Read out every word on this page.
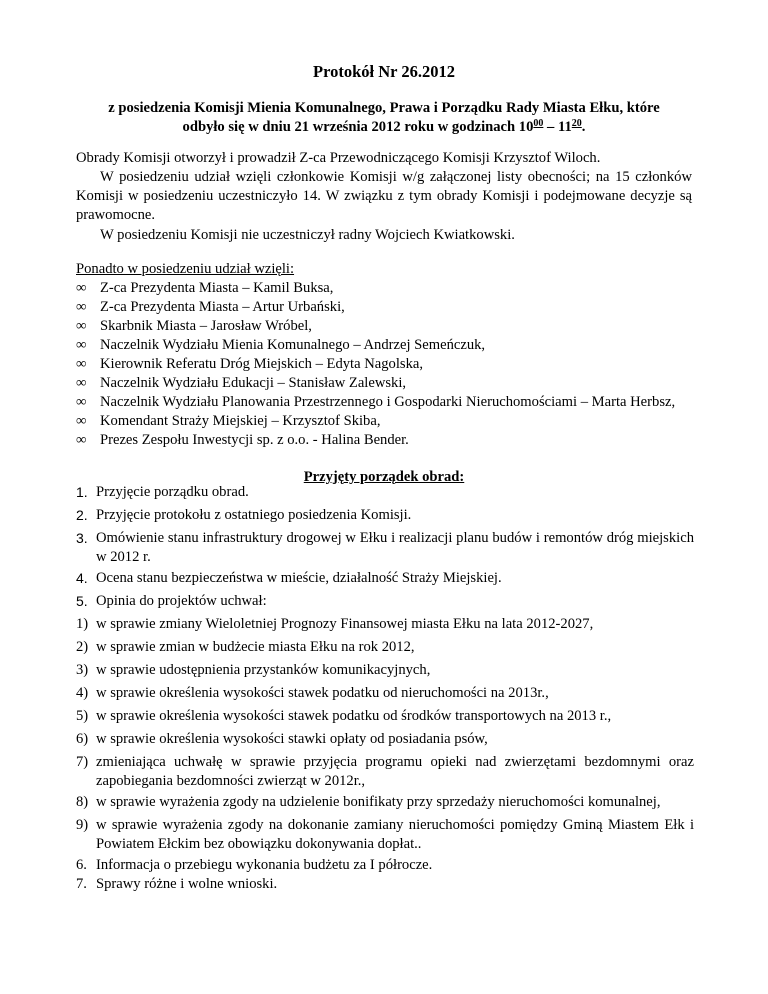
Protokół Nr 26.2012
z posiedzenia Komisji Mienia Komunalnego, Prawa i Porządku Rady Miasta Ełku, które
odbyło się w dniu 21 września 2012 roku w godzinach $10^{00} - 11^{20}$.
Obrady Komisji otworzył i prowadził Z-ca Przewodniczącego Komisji Krzysztof Wiloch.
W posiedzeniu udział wzięli członkowie Komisji w/g załączonej listy obecności; na 15 członków Komisji w posiedzeniu uczestniczyło 14. W związku z tym obrady Komisji i podejmowane decyzje są prawomocne.
W posiedzeniu Komisji nie uczestniczył radny Wojciech Kwiatkowski.
Ponadto w posiedzeniu udział wzięli:
∞ Z-ca Prezydenta Miasta – Kamil Buksa,
∞ Z-ca Prezydenta Miasta – Artur Urbański,
∞ Skarbnik Miasta – Jarosław Wróbel,
∞ Naczelnik Wydziału Mienia Komunalnego – Andrzej Semeńczuk,
∞ Kierownik Referatu Dróg Miejskich – Edyta Nagolska,
∞ Naczelnik Wydziału Edukacji – Stanisław Zalewski,
∞ Naczelnik Wydziału Planowania Przestrzennego i Gospodarki Nieruchomościami – Marta Herbsz,
∞ Komendant Straży Miejskiej – Krzysztof Skiba,
∞ Prezes Zespołu Inwestycji sp. z o.o. - Halina Bender.
Przyjęty porządek obrad:
1. Przyjęcie porządku obrad.
2. Przyjęcie protokołu z ostatniego posiedzenia Komisji.
3. Omówienie stanu infrastruktury drogowej w Ełku i realizacji planu budów i remontów dróg miejskich w 2012 r.
4. Ocena stanu bezpieczeństwa w mieście, działalność Straży Miejskiej.
5. Opinia do projektów uchwał:
1) w sprawie zmiany Wieloletniej Prognozy Finansowej miasta Ełku na lata 2012-2027,
2) w sprawie zmian w budżecie miasta Ełku na rok 2012,
3) w sprawie udostępnienia przystanków komunikacyjnych,
4) w sprawie określenia wysokości stawek podatku od nieruchomości na 2013r.,
5) w sprawie określenia wysokości stawek podatku od środków transportowych na 2013 r.,
6) w sprawie określenia wysokości stawki opłaty od posiadania psów,
7) zmieniająca uchwałę w sprawie przyjęcia programu opieki nad zwierzętami bezdomnymi oraz zapobiegania bezdomności zwierząt w 2012r.,
8) w sprawie wyrażenia zgody na udzielenie bonifikaty przy sprzedaży nieruchomości komunalnej,
9) w sprawie wyrażenia zgody na dokonanie zamiany nieruchomości pomiędzy Gminą Miastem Ełk i Powiatem Ełckim bez obowiązku dokonywania dopłat..
6. Informacja o przebiegu wykonania budżetu za I półrocze.
7. Sprawy różne i wolne wnioski.
